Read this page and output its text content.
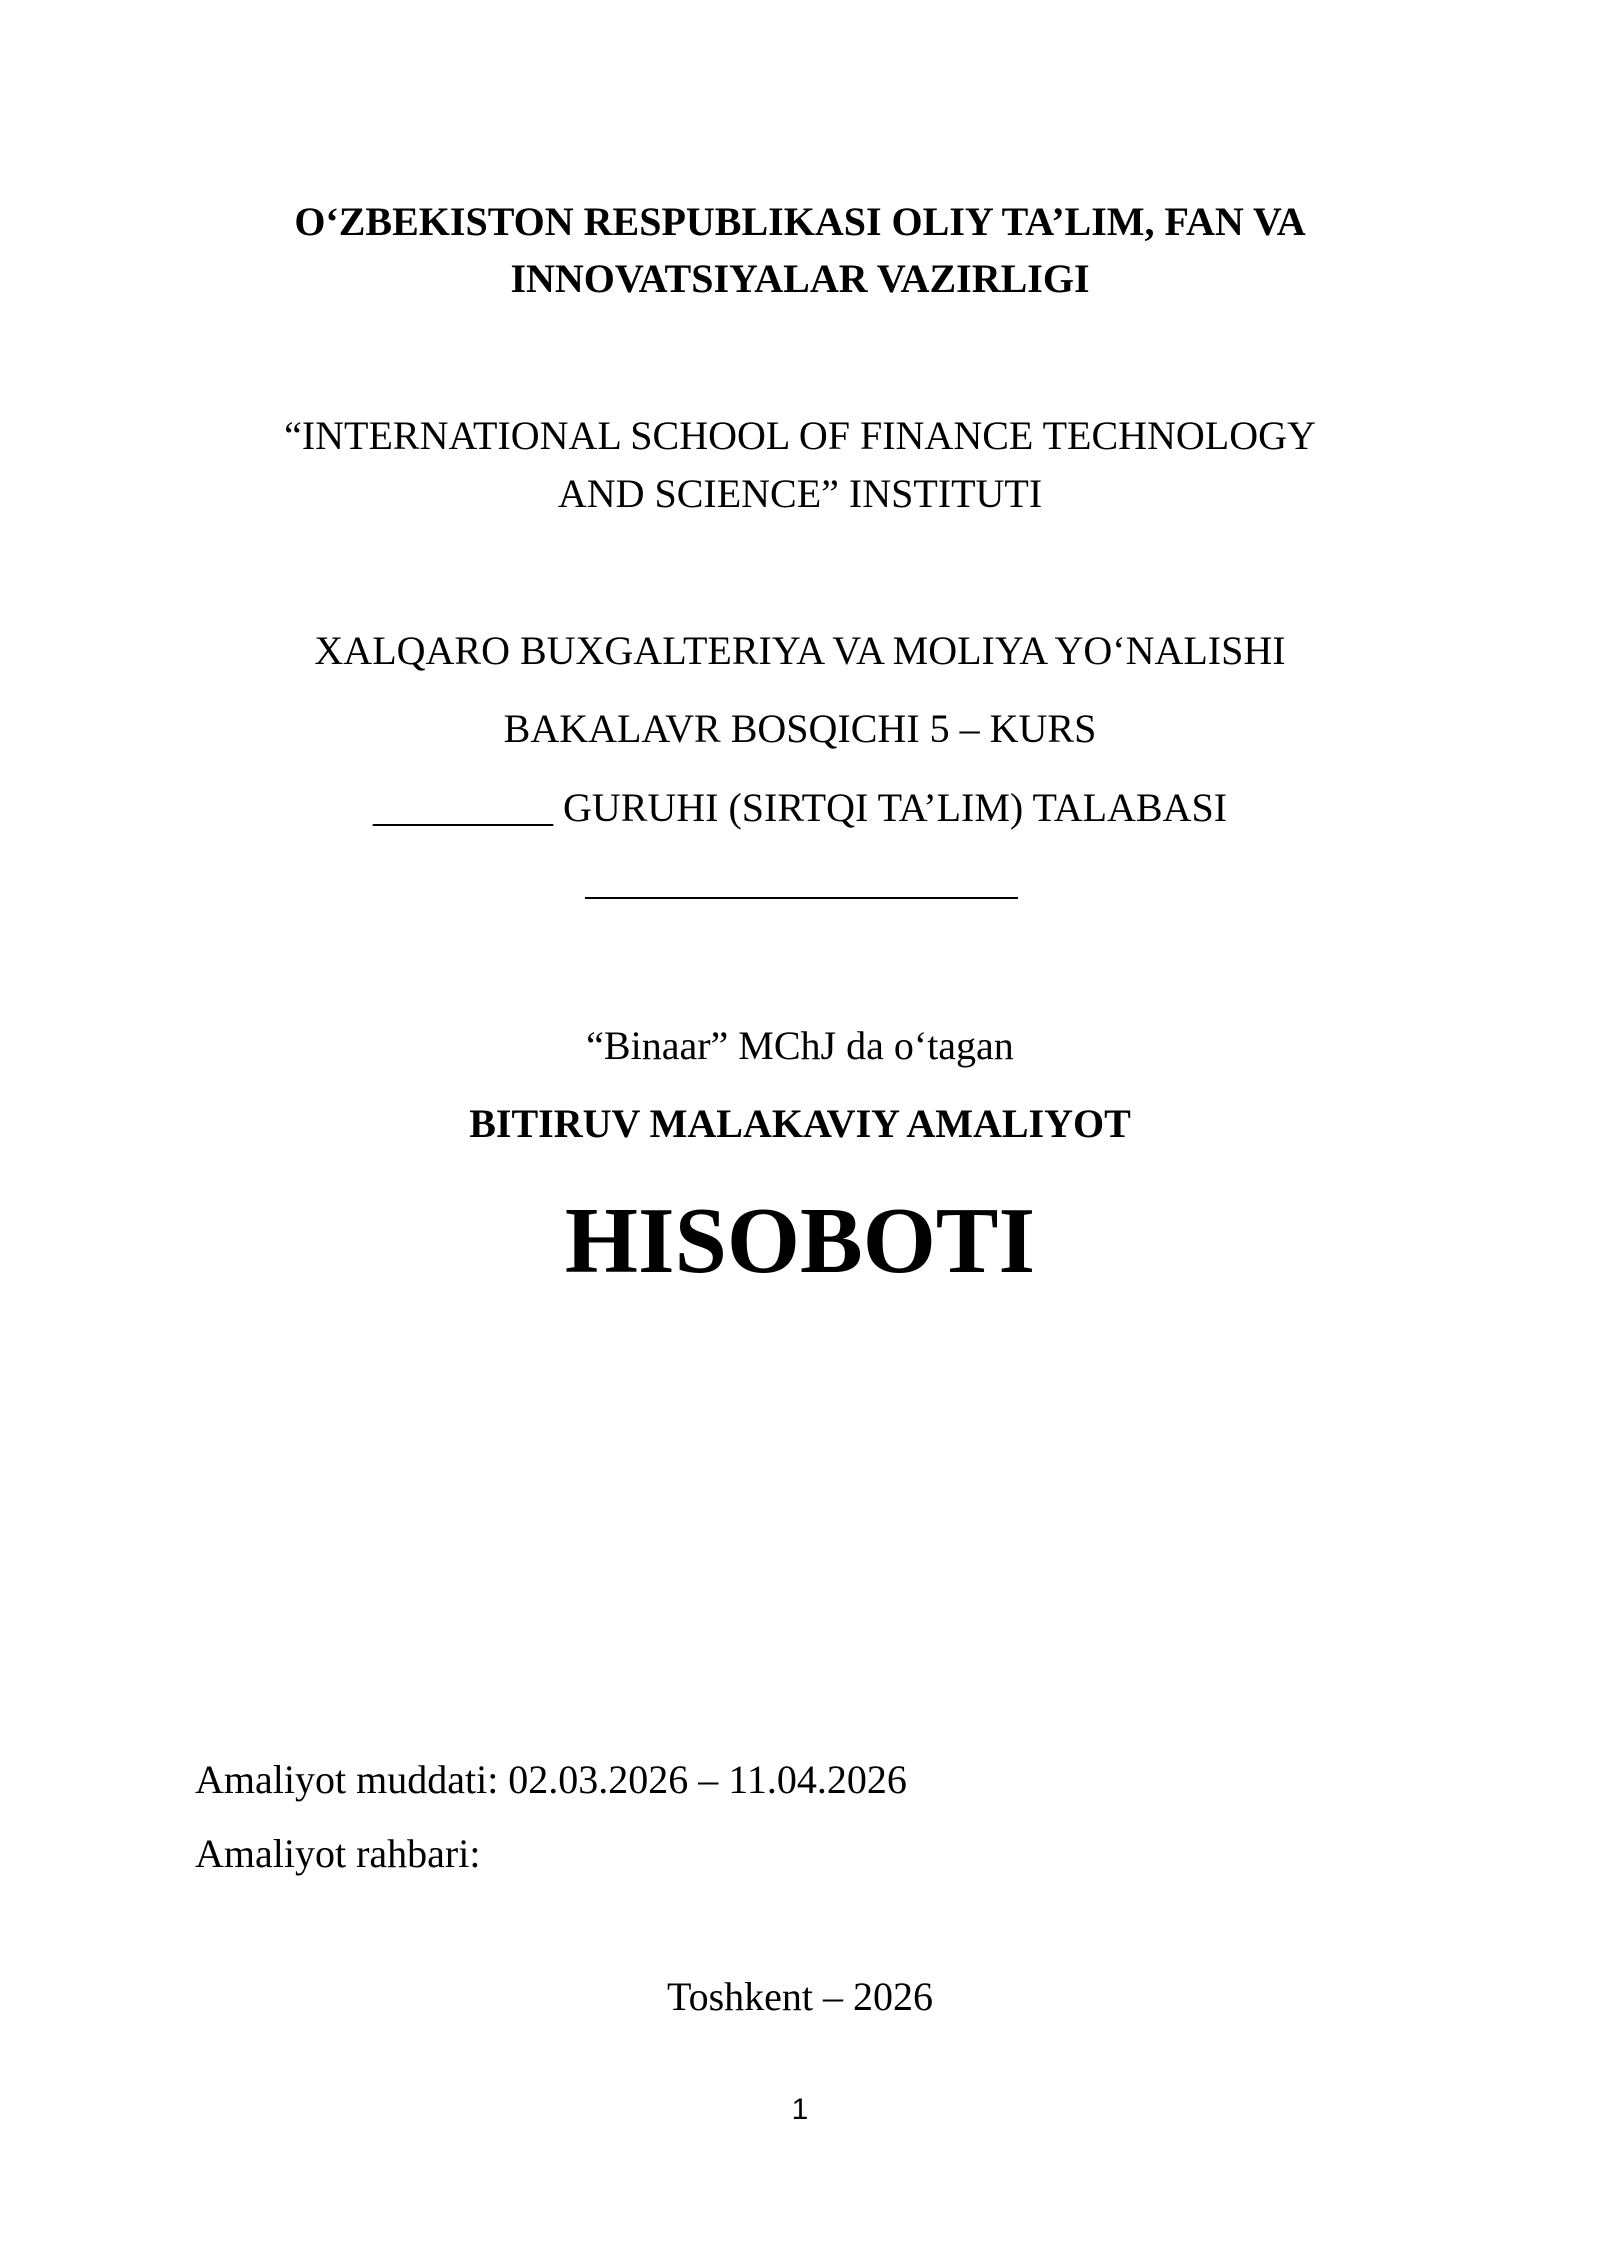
O‘ZBEKISTON RESPUBLIKASI OLIY TA’LIM, FAN VA
INNOVATSIYALAR VAZIRLIGI
“INTERNATIONAL SCHOOL OF FINANCE TECHNOLOGY
AND SCIENCE” INSTITUTI
XALQARO BUXGALTERIYA VA MOLIYA YO‘NALISHI
BAKALAVR BOSQICHI 5 – KURS
_________ GURUHI (SIRTQI TA’LIM) TALABASI
“Binaar” MChJ da o‘tagan
BITIRUV MALAKAVIY AMALIYOT
HISOBOTI
Amaliyot muddati: 02.03.2026 – 11.04.2026
Amaliyot rahbari:
Toshkent – 2026
1
